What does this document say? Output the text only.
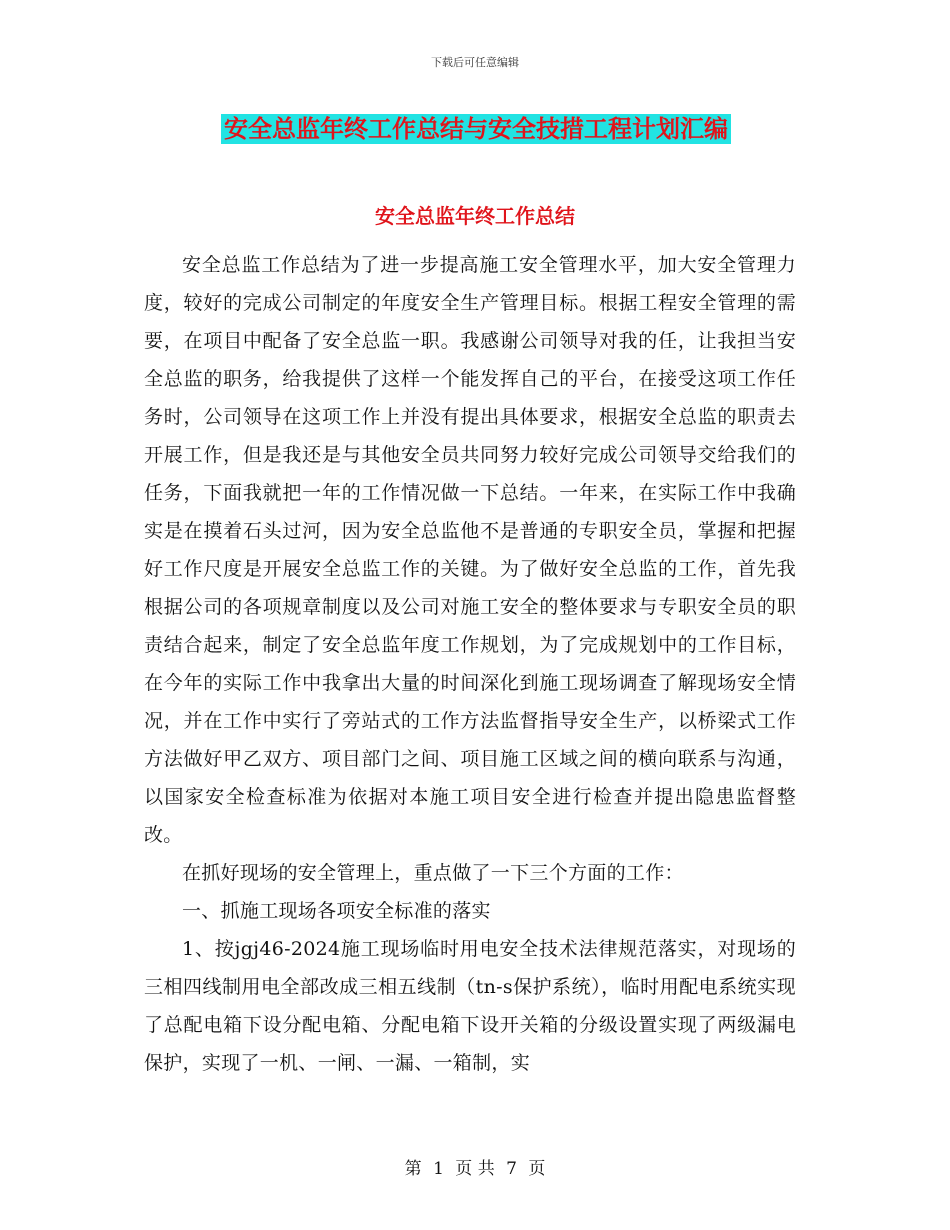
下载后可任意编辑
安全总监年终工作总结与安全技措工程计划汇编
安全总监年终工作总结

安全总监工作总结为了进一步提高施工安全管理水平，加大安全管理力度，较好的完成公司制定的年度安全生产管理目标。根据工程安全管理的需要，在项目中配备了安全总监一职。我感谢公司领导对我的任，让我担当安全总监的职务，给我提供了这样一个能发挥自己的平台，在接受这项工作任务时，公司领导在这项工作上并没有提出具体要求，根据安全总监的职责去开展工作，但是我还是与其他安全员共同努力较好完成公司领导交给我们的任务，下面我就把一年的工作情况做一下总结。一年来，在实际工作中我确实是在摸着石头过河，因为安全总监他不是普通的专职安全员，掌握和把握好工作尺度是开展安全总监工作的关键。为了做好安全总监的工作，首先我根据公司的各项规章制度以及公司对施工安全的整体要求与专职安全员的职责结合起来，制定了安全总监年度工作规划，为了完成规划中的工作目标，在今年的实际工作中我拿出大量的时间深化到施工现场调查了解现场安全情况，并在工作中实行了旁站式的工作方法监督指导安全生产，以桥梁式工作方法做好甲乙双方、项目部门之间、项目施工区域之间的横向联系与沟通，以国家安全检查标准为依据对本施工项目安全进行检查并提出隐患监督整改。

在抓好现场的安全管理上，重点做了一下三个方面的工作：

一、抓施工现场各项安全标准的落实

1、按jgj46-2024施工现场临时用电安全技术法律规范落实，对现场的三相四线制用电全部改成三相五线制（tn-s保护系统），临时用配电系统实现了总配电箱下设分配电箱、分配电箱下设开关箱的分级设置实现了两级漏电保护，实现了一机、一闸、一漏、一箱制，实

第 1 页 共 7 页
